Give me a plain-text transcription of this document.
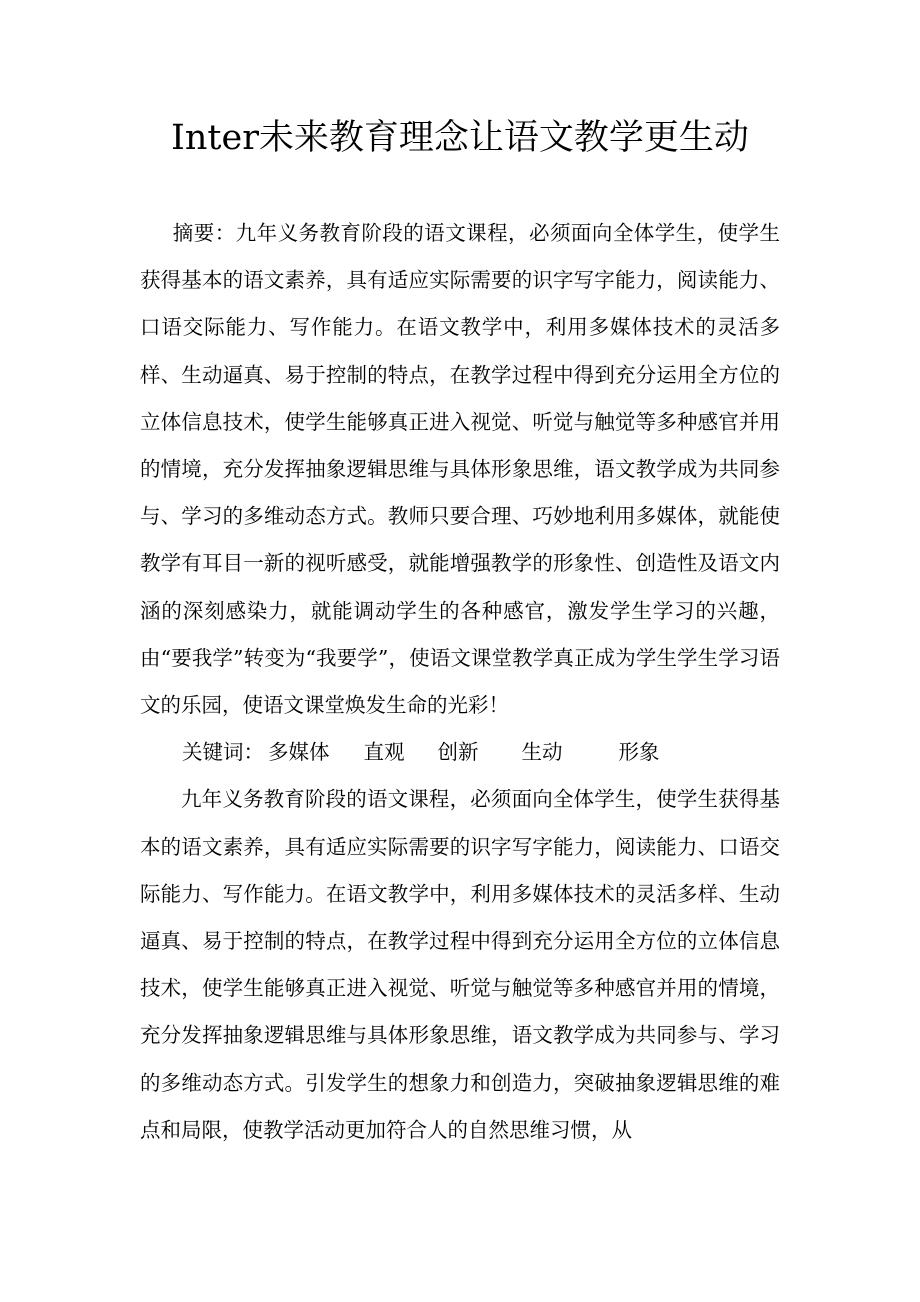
Inter未来教育理念让语文教学更生动

摘要：九年义务教育阶段的语文课程，必须面向全体学生，使学生获得基本的语文素养，具有适应实际需要的识字写字能力，阅读能力、口语交际能力、写作能力。在语文教学中，利用多媒体技术的灵活多样、生动逼真、易于控制的特点，在教学过程中得到充分运用全方位的立体信息技术，使学生能够真正进入视觉、听觉与触觉等多种感官并用的情境，充分发挥抽象逻辑思维与具体形象思维，语文教学成为共同参与、学习的多维动态方式。教师只要合理、巧妙地利用多媒体，就能使教学有耳目一新的视听感受，就能增强教学的形象性、创造性及语文内涵的深刻感染力，就能调动学生的各种感官，激发学生学习的兴趣，由“要我学”转变为“我要学”，使语文课堂教学真正成为学生学生学习语文的乐园，使语文课堂焕发生命的光彩！

关键词： 多媒体 直观 创新 生动	形象

九年义务教育阶段的语文课程，必须面向全体学生，使学生获得基本的语文素养，具有适应实际需要的识字写字能力，阅读能力、口语交际能力、写作能力。在语文教学中，利用多媒体技术的灵活多样、生动逼真、易于控制的特点，在教学过程中得到充分运用全方位的立体信息技术，使学生能够真正进入视觉、听觉与触觉等多种感官并用的情境，充分发挥抽象逻辑思维与具体形象思维，语文教学成为共同参与、学习的多维动态方式。引发学生的想象力和创造力，突破抽象逻辑思维的难点和局限，使教学活动更加符合人的自然思维习惯，从
